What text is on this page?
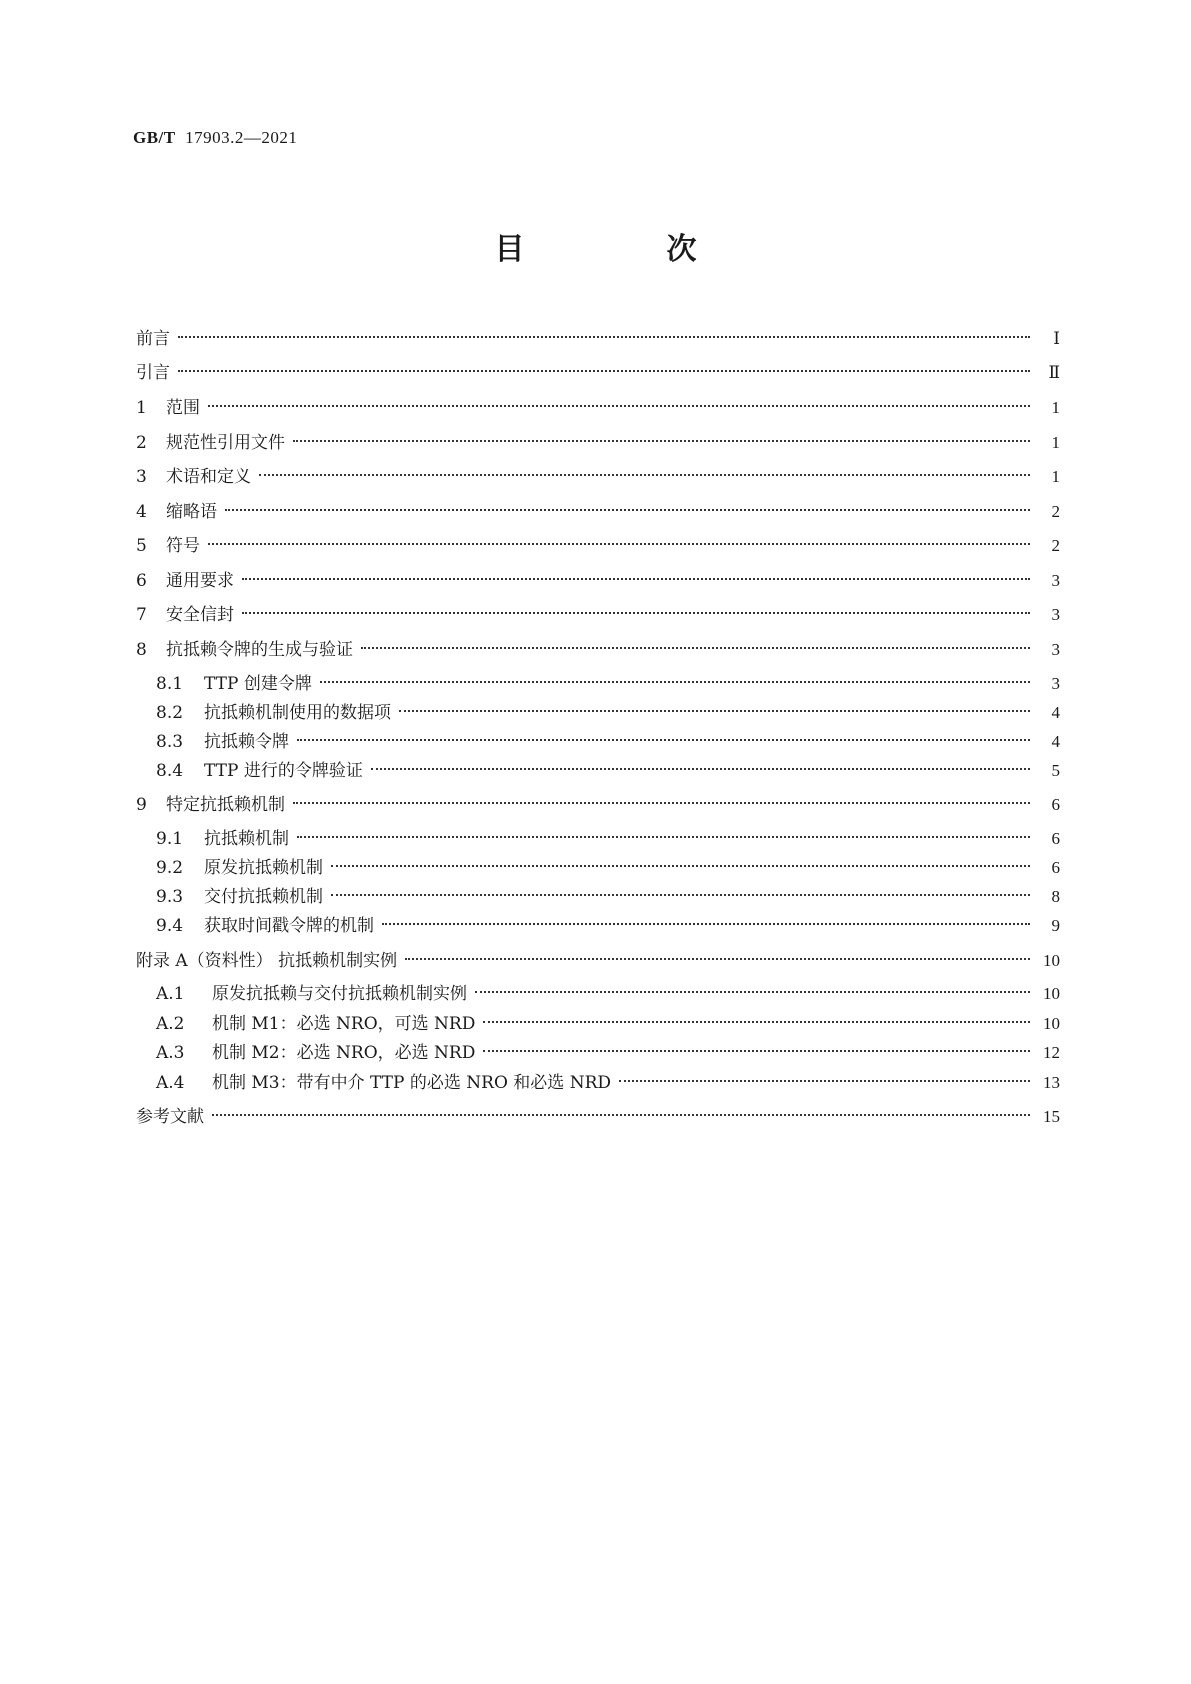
GB/T 17903.2—2021
目　次
前言	Ⅰ
引言	Ⅱ
1	范围	1
2	规范性引用文件	1
3	术语和定义	1
4	缩略语	2
5	符号	2
6	通用要求	3
7	安全信封	3
8	抗抵赖令牌的生成与验证	3
8.1	TTP 创建令牌	3
8.2	抗抵赖机制使用的数据项	4
8.3	抗抵赖令牌	4
8.4	TTP 进行的令牌验证	5
9	特定抗抵赖机制	6
9.1	抗抵赖机制	6
9.2	原发抗抵赖机制	6
9.3	交付抗抵赖机制	8
9.4	获取时间戳令牌的机制	9
附录 A（资料性） 抗抵赖机制实例	10
A.1	原发抗抵赖与交付抗抵赖机制实例	10
A.2	机制 M1：必选 NRO，可选 NRD	10
A.3	机制 M2：必选 NRO，必选 NRD	12
A.4	机制 M3：带有中介 TTP 的必选 NRO 和必选 NRD	13
参考文献	15
